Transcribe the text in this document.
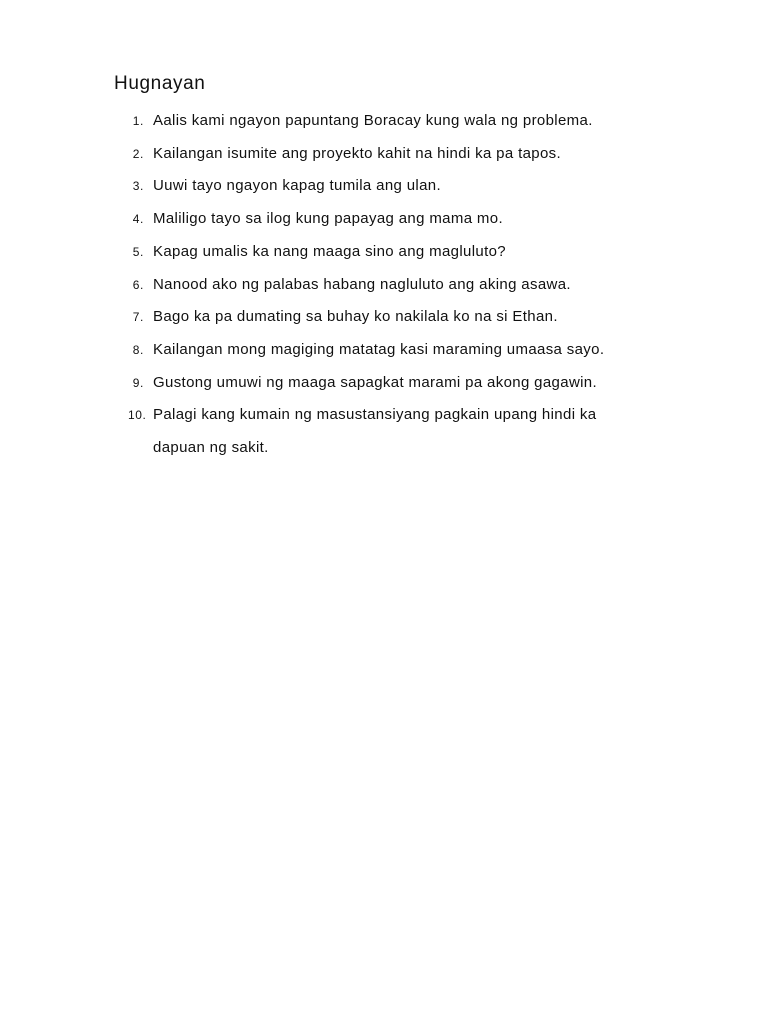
Hugnayan
1. Aalis kami ngayon papuntang Boracay kung wala ng problema.
2. Kailangan isumite ang proyekto kahit na hindi ka pa tapos.
3. Uuwi tayo ngayon kapag tumila ang ulan.
4. Maliligo tayo sa ilog kung papayag ang mama mo.
5. Kapag umalis ka nang maaga sino ang magluluto?
6. Nanood ako ng palabas habang nagluluto ang aking asawa.
7. Bago ka pa dumating sa buhay ko nakilala ko na si Ethan.
8. Kailangan mong magiging matatag kasi maraming umaasa sayo.
9. Gustong umuwi ng maaga sapagkat marami pa akong gagawin.
10. Palagi kang kumain ng masustansiyang pagkain upang hindi ka dapuan ng sakit.
